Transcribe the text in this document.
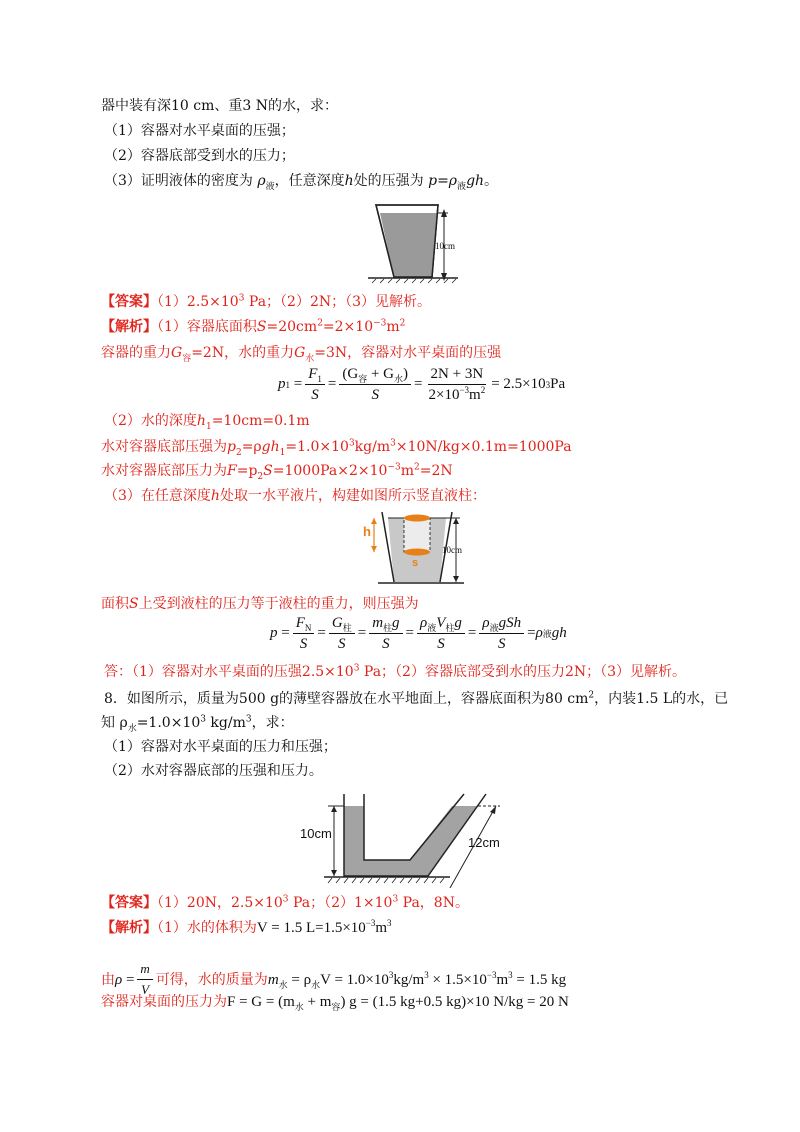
器中装有深10 cm、重3 N的水，求：
（1）容器对水平桌面的压强；
（2）容器底部受到水的压力；
（3）证明液体的密度为 $\rho_液$，任意深度h处的压强为 $p=\rho_液gh$。
10cm
【答案】$(1)2.5\times 10^3$ Pa；（2）2N；（3）见解析。
【解析】（1）容器底面积$S=20cm^2=2\times 10^{-3}m^2$
容器的重力$G_容=2N$，水的重力$G_水=3N$，容器对水平桌面的压强
p $1 = \frac{F_1}{S} = \frac{(G_容 + G_水)}{S} = \frac{2N + 3N}{2\times 10^{-3}m^2} = 2.5\times 10$ 3 Pa
（2）水的深度$h_1=10cm=0.1m$
水对容器底部压强为$p_2=\rho gh_1=1.0\times 10^3kg/m^3\times 10N/kg\times 0.1m=1000Pa$
水对容器底部压力为$F=p_2S=1000Pa\times 2\times 10^{-3}m^2=2N$
（3）在任意深度h处取一水平液片，构建如图所示竖直液柱：
h
s
10cm
面积S上受到液柱的压力等于液柱的重力，则压强为
$p = \frac{F_N}{S} = \frac{G_柱}{S} = \frac{m_柱g}{S} = \frac{\rho_液V_柱g}{S} = \frac{\rho_液gSh}{S} = \rho$ 液 gh
答：（1）容器对水平桌面的压强$2.5\times 10^3$ Pa；（2）容器底部受到水的压力2N；（3）见解析。
8．如图所示，质量为500 g的薄壁容器放在水平地面上，容器底面积为80 $cm^2$，内装1.5 L的水，已
知 $\rho_水=1.0\times 10^3$ $kg/m^3$，求：
（1）容器对水平桌面的压力和压强；
（2）水对容器底部的压强和压力。
10cm
12cm
【答案】（1）20N，$2.5\times 10^3$ Pa；$(2)1\times 10^3$ Pa，8N。
【解析】（1）水的体积为V = 1.5 $L=1.5\times 10^{-3}m^3$
由 $\rho = \frac{m}{V}$ 可得，水的质量为 $m_水 = \rho_水V = 1.0\times 10^3kg/m^3 \times 1.5\times 10^{-3}m^3 = 1.5$ kg
容器对桌面的压力为$F = G = (m_水 + m_容) g = (1.5$ kg+0.5 kg)×10 N/kg = 20 N
